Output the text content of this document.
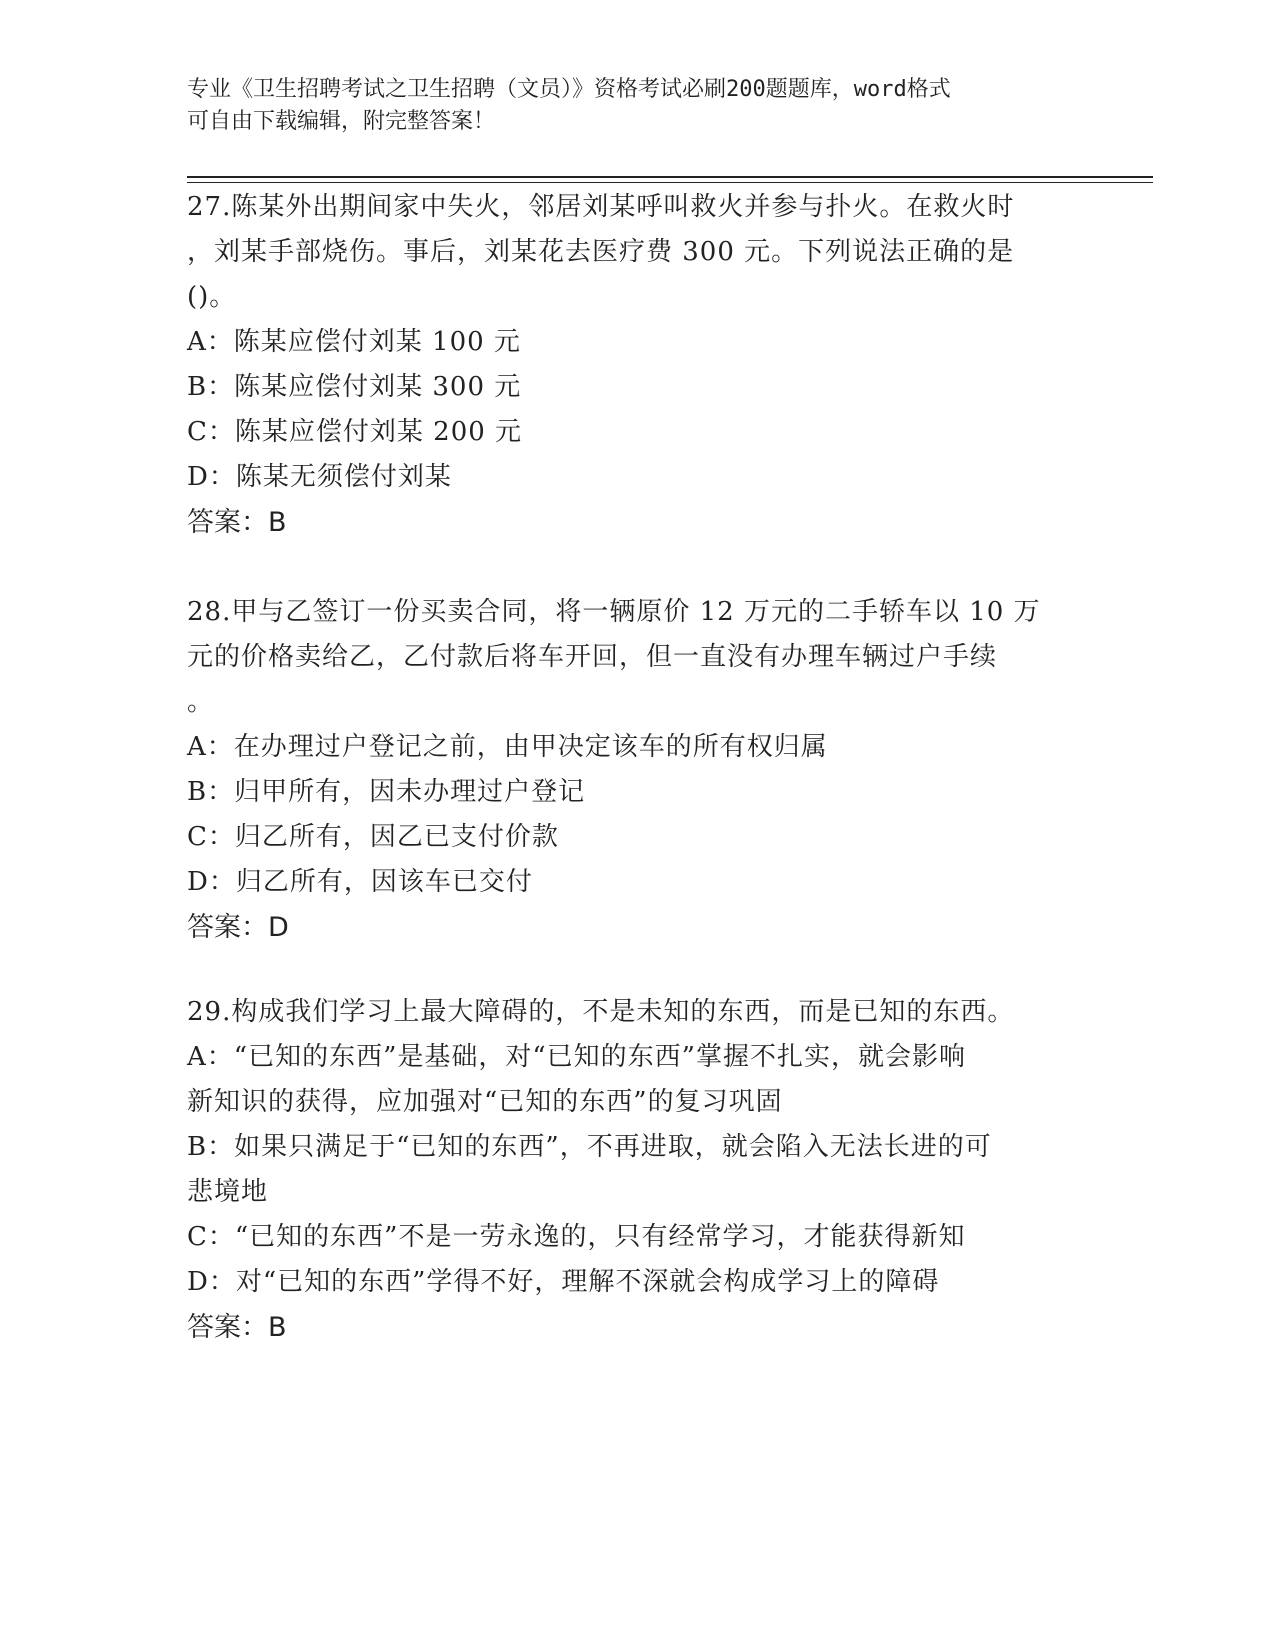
专业《卫生招聘考试之卫生招聘（文员）》资格考试必刷200题题库，word格式
可自由下载编辑，附完整答案！
27.陈某外出期间家中失火，邻居刘某呼叫救火并参与扑火。在救火时
，刘某手部烧伤。事后，刘某花去医疗费 300 元。下列说法正确的是
()。
A：陈某应偿付刘某 100 元
B：陈某应偿付刘某 300 元
C：陈某应偿付刘某 200 元
D：陈某无须偿付刘某
答案：B
28.甲与乙签订一份买卖合同，将一辆原价 12 万元的二手轿车以 10 万
元的价格卖给乙，乙付款后将车开回，但一直没有办理车辆过户手续
。
A：在办理过户登记之前，由甲决定该车的所有权归属
B：归甲所有，因未办理过户登记
C：归乙所有，因乙已支付价款
D：归乙所有，因该车已交付
答案：D
29.构成我们学习上最大障碍的，不是未知的东西，而是已知的东西。
A：“已知的东西”是基础，对“已知的东西”掌握不扎实，就会影响
新知识的获得，应加强对“已知的东西”的复习巩固
B：如果只满足于“已知的东西”，不再进取，就会陷入无法长进的可
悲境地
C：“已知的东西”不是一劳永逸的，只有经常学习，才能获得新知
D：对“已知的东西”学得不好，理解不深就会构成学习上的障碍
答案：B
